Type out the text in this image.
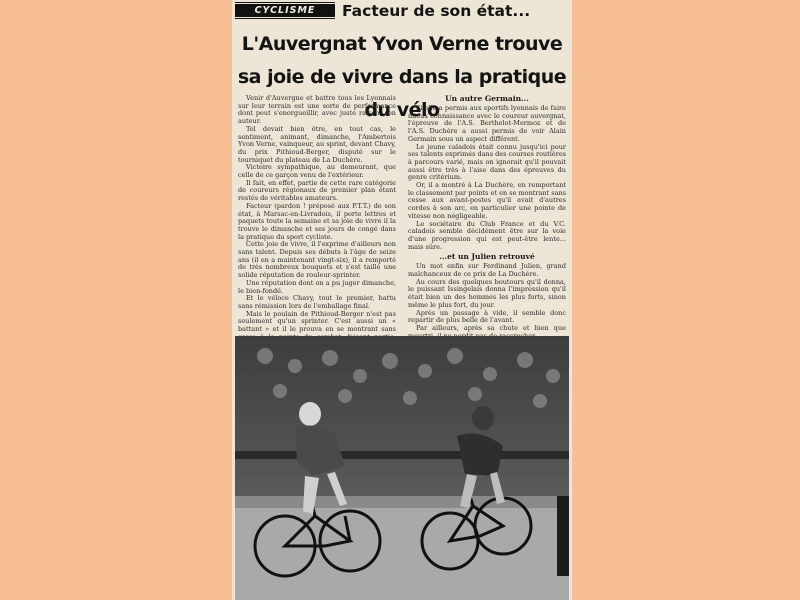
CYCLISME	Facteur de son état...
L'Auvergnat Yvon Verne trouve sa joie de vivre dans la pratique du vélo

Venir d'Auvergne et battre tous les Lyonnais sur leur terrain est une sorte de performance dont peut s'enorgueillir, avec juste raison, son auteur.

Tel devait bien être, en tout cas, le sentiment, animant, dimanche, l'Ambertois Yvon Verne, vainqueur, au sprint, devant Chavy, du prix Pithioud-Berger, disputé sur le tourniquet du plateau de La Duchère.

Victoire sympathique, au demeurant, que celle de ce garçon venu de l'extérieur.

Il fait, en effet, partie de cette rare catégorie de coureurs régionaux de premier plan étant restés de véritables amateurs.

Facteur (pardon ! préposé aux P.T.T.) de son état, à Marsac-en-Livradois, il porte lettres et paquets toute la semaine et sa joie de vivre il la trouve le dimanche et ses jours de congé dans la pratique du sport cycliste.

Cette joie de vivre, il l'exprime d'ailleurs non sans talent. Depuis ses débuts à l'âge de seize ans (il en a maintenant vingt-six), il a remporté de très nombreux bouquets et s'est taillé une solide réputation de rouleur-sprinter.

Une réputation dont on a pu juger dimanche, le bien-fondé.

Et le véloce Chavy, tout le premier, battu sans rémission lors de l'emballage final.

Mais le poulain de Pithioud-Berger n'est pas seulement qu'un sprinter. C'est aussi un « battant » et il le prouva en se montrant sans

Un autre Germain...

Si elle a permis aux sportifs lyonnais de faire mieux connaissance avec le coureur auvergnat, l'épreuve de l'A.S. Berthelot-Mermoz et de l'A.S. Duchère a aussi permis de voir Alain Germain sous un aspect différent.

Le jeune caladois était connu jusqu'ici pour ses talents exprimés dans des courses routières à parcours varié, mais on ignorait qu'il pouvait aussi être très à l'aise dans des épreuves du genre critérium.

Or, il a montré à La Duchère, en remportant le classement par points et en se montrant sans cesse aux avant-postes qu'il avait d'autres cordes à son arc, en particulier une pointe de vitesse non négligeable.

Le sociétaire du Club France et du V.C. caladois semble décidément être sur la voie d'une progression qui est peut-être lente... mais sûre.

...et un Julien retrouvé

Un mot enfin sur Ferdinand Julien, grand malchanceux de ce prix de La Duchère.

Au cours des quelques boutours qu'il donna, le puissant Issingelais donna l'impression qu'il était bien un des hommes les plus forts, sinon même le plus fort, du jour.

Après un passage à vide, il semble donc repartir de plus belle de l'avant.

Par ailleurs, après sa chute et bien que
